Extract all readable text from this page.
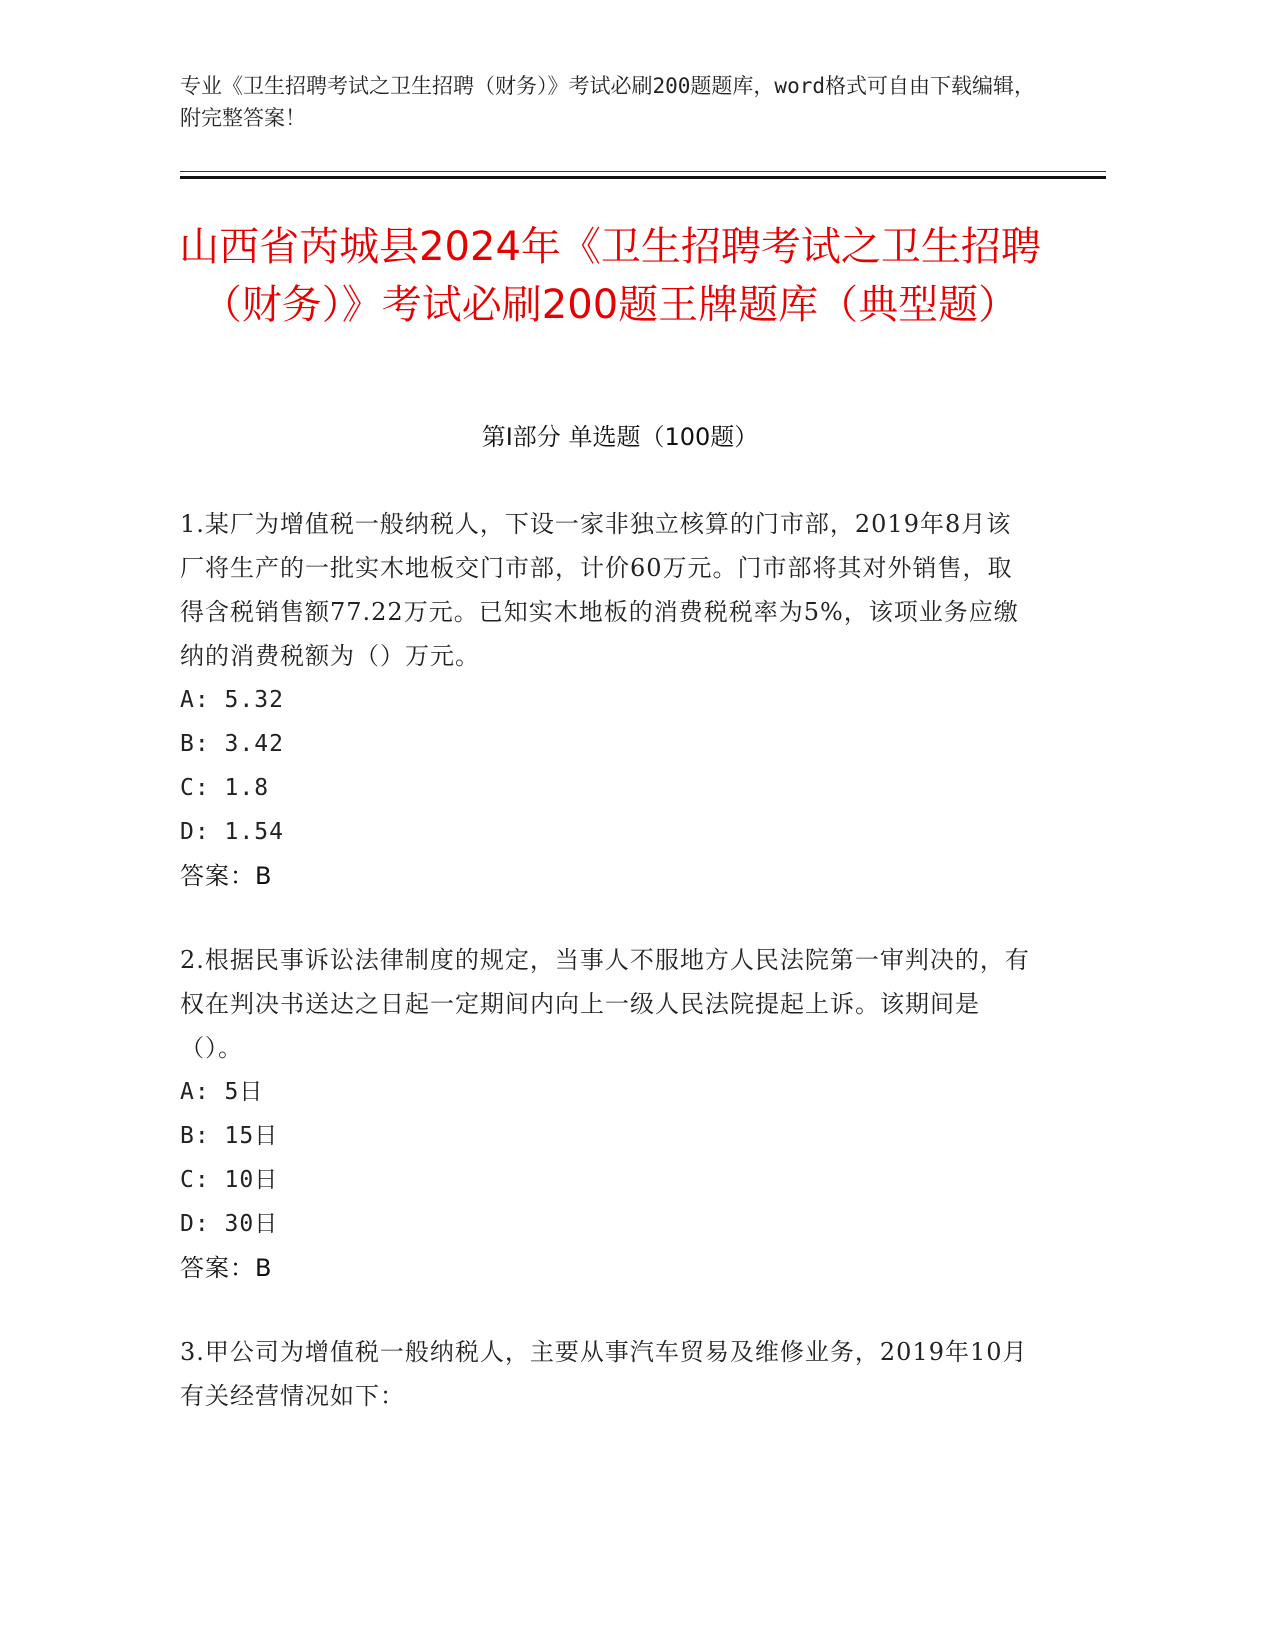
专业《卫生招聘考试之卫生招聘（财务）》考试必刷200题题库，word格式可自由下载编辑，附完整答案！
山西省芮城县2024年《卫生招聘考试之卫生招聘（财务）》考试必刷200题王牌题库（典型题）
第I部分 单选题（100题）

1.某厂为增值税一般纳税人，下设一家非独立核算的门市部，2019年8月该厂将生产的一批实木地板交门市部，计价60万元。门市部将其对外销售，取得含税销售额77.22万元。已知实木地板的消费税税率为5%，该项业务应缴纳的消费税额为（）万元。

A: 5.32

B: 3.42

C: 1.8

D: 1.54

答案：B

2.根据民事诉讼法律制度的规定，当事人不服地方人民法院第一审判决的，有权在判决书送达之日起一定期间内向上一级人民法院提起上诉。该期间是（）。

A: 5日

B: 15日

C: 10日

D: 30日

答案：B

3.甲公司为增值税一般纳税人，主要从事汽车贸易及维修业务，2019年10月有关经营情况如下：
